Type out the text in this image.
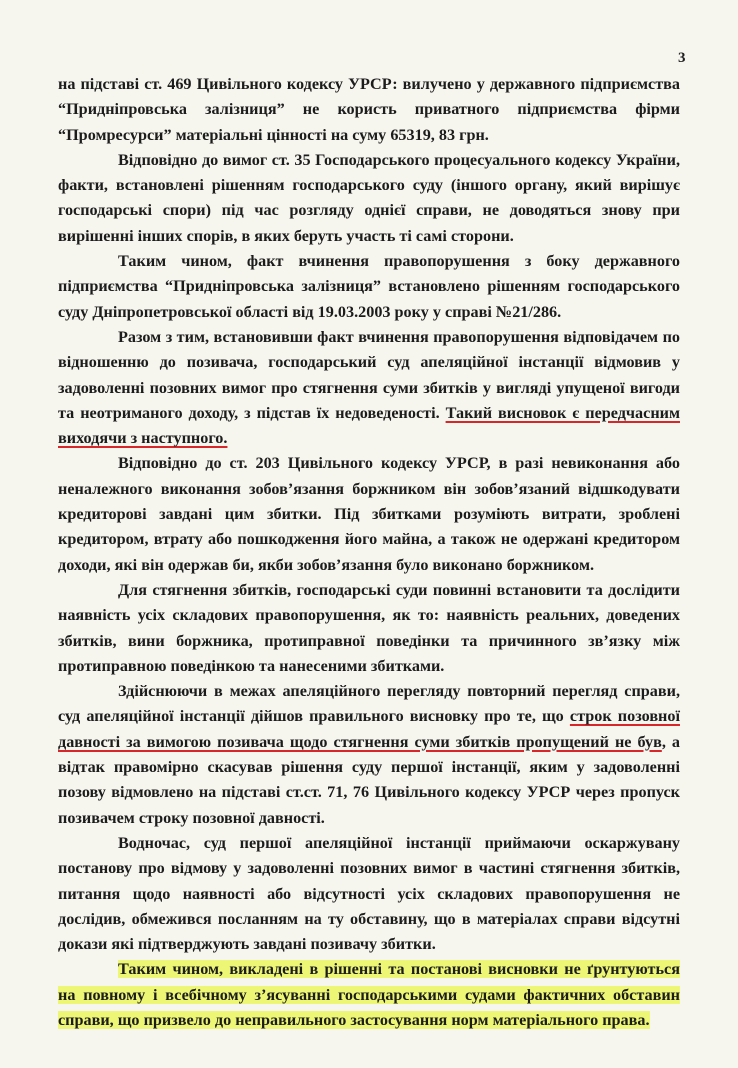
3

на підставі ст. 469 Цивільного кодексу УРСР: вилучено у державного підприємства “Придніпровська залізниця” не користь приватного підприємства фірми “Промресурси” матеріальні цінності на суму 65319, 83 грн.

Відповідно до вимог ст. 35 Господарського процесуального кодексу України, факти, встановлені рішенням господарського суду (іншого органу, який вирішує господарські спори) під час розгляду однієї справи, не доводяться знову при вирішенні інших спорів, в яких беруть участь ті самі сторони.

Таким чином, факт вчинення правопорушення з боку державного підприємства “Придніпровська залізниця” встановлено рішенням господарського суду Дніпропетровської області від 19.03.2003 року у справі №21/286.

Разом з тим, встановивши факт вчинення правопорушення відповідачем по відношенню до позивача, господарський суд апеляційної інстанції відмовив у задоволенні позовних вимог про стягнення суми збитків у вигляді упущеної вигоди та неотриманого доходу, з підстав їх недоведеності. Такий висновок є передчасним виходячи з наступного.

Відповідно до ст. 203 Цивільного кодексу УРСР, в разі невиконання або неналежного виконання зобов’язання боржником він зобов’язаний відшкодувати кредиторові завдані цим збитки. Під збитками розуміють витрати, зроблені кредитором, втрату або пошкодження його майна, а також не одержані кредитором доходи, які він одержав би, якби зобов’язання було виконано боржником.

Для стягнення збитків, господарські суди повинні встановити та дослідити наявність усіх складових правопорушення, як то: наявність реальних, доведених збитків, вини боржника, протиправної поведінки та причинного зв’язку між протиправною поведінкою та нанесеними збитками.

Здійснюючи в межах апеляційного перегляду повторний перегляд справи, суд апеляційної інстанції дійшов правильного висновку про те, що строк позовної давності за вимогою позивача щодо стягнення суми збитків пропущений не був, а відтак правомірно скасував рішення суду першої інстанції, яким у задоволенні позову відмовлено на підставі ст.ст. 71, 76 Цивільного кодексу УРСР через пропуск позивачем строку позовної давності.

Водночас, суд першої апеляційної інстанції приймаючи оскаржувану постанову про відмову у задоволенні позовних вимог в частині стягнення збитків, питання щодо наявності або відсутності усіх складових правопорушення не дослідив, обмежився посланням на ту обставину, що в матеріалах справи відсутні докази які підтверджують завдані позивачу збитки.

Таким чином, викладені в рішенні та постанові висновки не ґрунтуються на повному і всебічному з’ясуванні господарськими судами фактичних обставин справи, що призвело до неправильного застосування норм матеріального права.
